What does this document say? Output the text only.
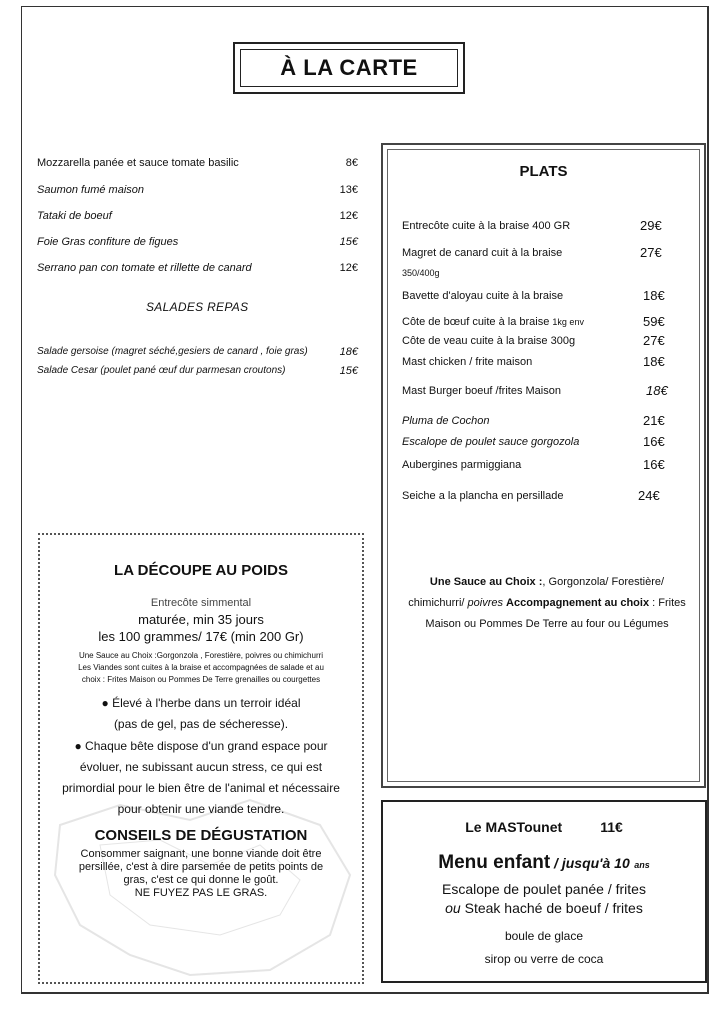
À LA CARTE
Mozzarella panée et sauce tomate basilic	8€
Saumon fumé maison	13€
Tataki de boeuf	12€
Foie Gras confiture de figues	15€
Serrano pan con tomate et rillette de canard	12€
SALADES REPAS
Salade gersoise (magret séché,gesiers de canard , foie gras)	18€
Salade Cesar (poulet pané œuf dur parmesan croutons)	15€
PLATS
Entrecôte cuite à la braise 400 GR	29€
Magret de canard cuit à la braise	27€
350/400g
Bavette d'aloyau cuite à la braise	18€
Côte de bœuf cuite à la braise 1kg env	59€
Côte de veau cuite à la braise 300g	27€
Mast chicken / frite maison	18€
Mast Burger boeuf /frites Maison	18€
Pluma de Cochon	21€
Escalope de poulet sauce gorgozola	16€
Aubergines parmiggiana	16€
Seiche a la plancha en persillade	24€
Une Sauce au Choix :, Gorgonzola/ Forestière/ chimichurri/ poivres Accompagnement au choix : Frites Maison ou Pommes De Terre au four ou Légumes
LA DÉCOUPE AU POIDS
Entrecôte simmental
maturée, min 35 jours
les 100 grammes/ 17€ (min 200 Gr)
Une Sauce au Choix :Gorgonzola , Forestière, poivres ou chimichurri
Les Viandes sont cuites à la braise et accompagnées de salade et au
choix : Frites Maison ou Pommes De Terre grenailles ou courgettes
● Élevé à l'herbe dans un terroir idéal
(pas de gel, pas de sécheresse).
● Chaque bête dispose d'un grand espace pour
évoluer, ne subissant aucun stress, ce qui est
primordial pour le bien être de l'animal et nécessaire
pour obtenir une viande tendre.
CONSEILS DE DÉGUSTATION
Consommer saignant, une bonne viande doit être
persillée, c'est à dire parsemée de petits points de
gras, c'est ce qui donne le goût.
NE FUYEZ PAS LE GRAS.
Le MASTounet	11€
Menu enfant / jusqu'à 10 ans
Escalope de poulet panée / frites
ou Steak haché de boeuf / frites
boule de glace
sirop ou verre de coca
